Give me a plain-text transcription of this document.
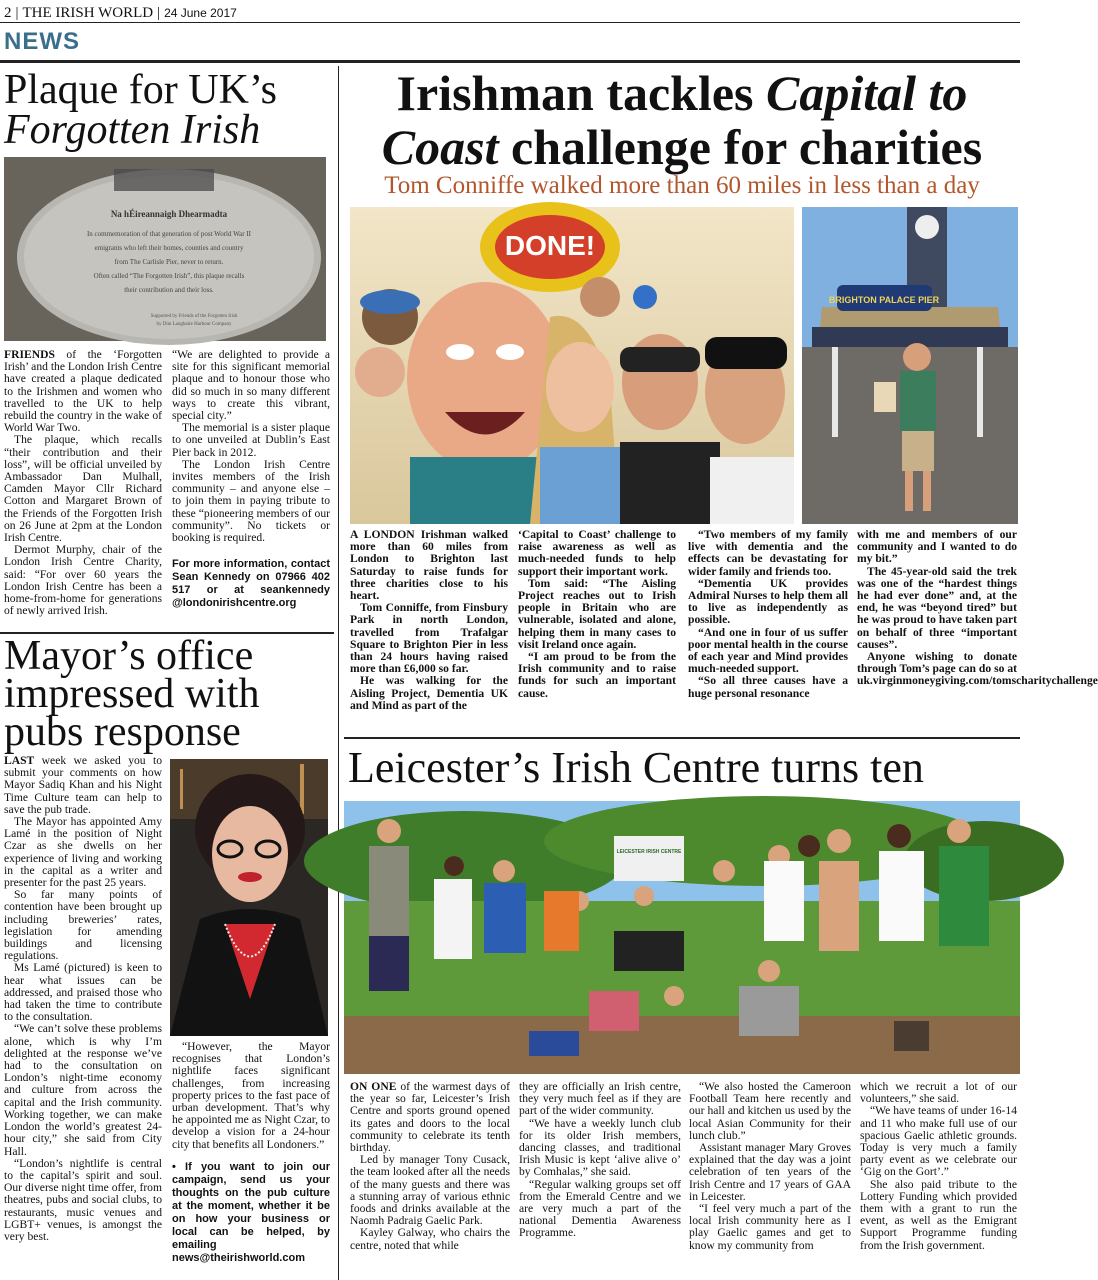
2 | THE IRISH WORLD | 24 June 2017
NEWS
Plaque for UK’s
Forgotten Irish
Na hÉireannaigh Dhearmadta
In commemoration of that generation of post World War II
emigrants who left their homes, counties and country
from The Carlisle Pier, never to return.
Often called “The Forgotten Irish”, this plaque recalls
their contribution and their loss.
Supported by Friends of the Forgotten Irish
by Dún Laoghaire Harbour Company

FRIENDS of the ‘Forgotten Irish’ and the London Irish Centre have created a plaque dedicated to the Irishmen and women who travelled to the UK to help rebuild the country in the wake of World War Two.

The plaque, which recalls “their contribution and their loss”, will be official unveiled by Ambassador Dan Mulhall, Camden Mayor Cllr Richard Cotton and Margaret Brown of the Friends of the Forgotten Irish on 26 June at 2pm at the London Irish Centre.

Dermot Murphy, chair of the London Irish Centre Charity, said: “For over 60 years the London Irish Centre has been a home-from-home for generations of newly arrived Irish.

“We are delighted to provide a site for this significant memorial plaque and to honour those who did so much in so many different ways to create this vibrant, special city.”

The memorial is a sister plaque to one unveiled at Dublin’s East Pier back in 2012.

The London Irish Centre invites members of the Irish community – and anyone else – to join them in paying tribute to these “pioneering members of our community”. No tickets or booking is required.

For more information, contact Sean Kennedy on 07966 402 517 or at seankennedy @londonirishcentre.org
Mayor’s office
impressed with
pubs response

LAST week we asked you to submit your comments on how Mayor Sadiq Khan and his Night Time Culture team can help to save the pub trade.

The Mayor has appointed Amy Lamé in the position of Night Czar as she dwells on her experience of living and working in the capital as a writer and presenter for the past 25 years.

So far many points of contention have been brought up including breweries’ rates, legislation for amending buildings and licensing regulations.

Ms Lamé (pictured) is keen to hear what issues can be addressed, and praised those who had taken the time to contribute to the consultation.

“We can’t solve these problems alone, which is why I’m delighted at the response we’ve had to the consultation on London’s night-time economy and culture from across the capital and the Irish community. Working together, we can make London the world’s greatest 24-hour city,” she said from City Hall.

“London’s nightlife is central to the capital’s spirit and soul. Our diverse night time offer, from theatres, pubs and social clubs, to restaurants, music venues and LGBT+ venues, is amongst the very best.

“However, the Mayor recognises that London’s nightlife faces significant challenges, from increasing property prices to the fast pace of urban development. That’s why he appointed me as Night Czar, to develop a vision for a 24-hour city that benefits all Londoners.”

• If you want to join our campaign, send us your thoughts on the pub culture at the moment, whether it be on how your business or local can be helped, by emailing news@theirishworld.com
Irishman tackles Capital to
Coast challenge for charities
Tom Conniffe walked more than 60 miles in less than a day
DONE!
BRIGHTON PALACE PIER

A LONDON Irishman walked more than 60 miles from London to Brighton last Saturday to raise funds for three charities close to his heart.

Tom Conniffe, from Finsbury Park in north London, travelled from Trafalgar Square to Brighton Pier in less than 24 hours having raised more than £6,000 so far.

He was walking for the Aisling Project, Dementia UK and Mind as part of the

‘Capital to Coast’ challenge to raise awareness as well as much-needed funds to help support their important work.

Tom said: “The Aisling Project reaches out to Irish people in Britain who are vulnerable, isolated and alone, helping them in many cases to visit Ireland once again.

“I am proud to be from the Irish community and to raise funds for such an important cause.

“Two members of my family live with dementia and the effects can be devastating for wider family and friends too.

“Dementia UK provides Admiral Nurses to help them all to live as independently as possible.

“And one in four of us suffer poor mental health in the course of each year and Mind provides much-needed support.

“So all three causes have a huge personal resonance

with me and members of our community and I wanted to do my bit.”

The 45-year-old said the trek was one of the “hardest things he had ever done” and, at the end, he was “beyond tired” but he was proud to have taken part on behalf of three “important causes”.

Anyone wishing to donate through Tom’s page can do so at uk.virginmoneygiving.com/tomscharitychallenge

Leicester’s Irish Centre turns ten
LEICESTER IRISH CENTRE

ON ONE of the warmest days of the year so far, Leicester’s Irish Centre and sports ground opened its gates and doors to the local community to celebrate its tenth birthday.

Led by manager Tony Cusack, the team looked after all the needs of the many guests and there was a stunning array of various ethnic foods and drinks available at the Naomh Padraig Gaelic Park.

Kayley Galway, who chairs the centre, noted that while

they are officially an Irish centre, they very much feel as if they are part of the wider community.

“We have a weekly lunch club for its older Irish members, dancing classes, and traditional Irish Music is kept ‘alive alive o’ by Comhalas,” she said.

“Regular walking groups set off from the Emerald Centre and we are very much a part of the national Dementia Awareness Programme.

“We also hosted the Cameroon Football Team here recently and our hall and kitchen us used by the local Asian Community for their lunch club.”

Assistant manager Mary Groves explained that the day was a joint celebration of ten years of the Irish Centre and 17 years of GAA in Leicester.

“I feel very much a part of the local Irish community here as I play Gaelic games and get to know my community from

which we recruit a lot of our volunteers,” she said.

“We have teams of under 16-14 and 11 who make full use of our spacious Gaelic athletic grounds. Today is very much a family party event as we celebrate our ‘Gig on the Gort’.”

She also paid tribute to the Lottery Funding which provided them with a grant to run the event, as well as the Emigrant Support Programme funding from the Irish government.
